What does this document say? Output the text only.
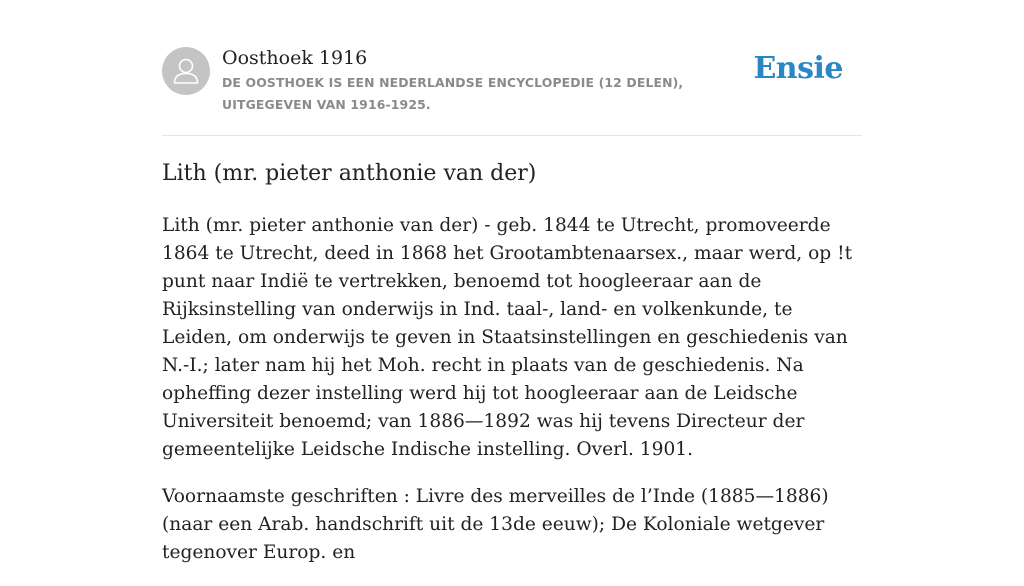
Oosthoek 1916
DE OOSTHOEK IS EEN NEDERLANDSE ENCYCLOPEDIE (12 DELEN), UITGEGEVEN VAN 1916-1925.
Ensie
Lith (mr. pieter anthonie van der)

Lith (mr. pieter anthonie van der) - geb. 1844 te Utrecht, promoveerde 1864 te Utrecht, deed in 1868 het Grootambtenaarsex., maar werd, op !t punt naar Indië te vertrekken, benoemd tot hoogleeraar aan de Rijksinstelling van onderwijs in Ind. taal-, land- en volkenkunde, te Leiden, om onderwijs te geven in Staatsinstellingen en geschiedenis van N.-I.; later nam hij het Moh. recht in plaats van de geschiedenis. Na opheffing dezer instelling werd hij tot hoogleeraar aan de Leidsche Universiteit benoemd; van 1886—1892 was hij tevens Directeur der gemeentelijke Leidsche Indische instelling. Overl. 1901.

Voornaamste geschriften : Livre des merveilles de l’Inde (1885—1886) (naar een Arab. handschrift uit de 13de eeuw); De Koloniale wetgever tegenover Europ. en
